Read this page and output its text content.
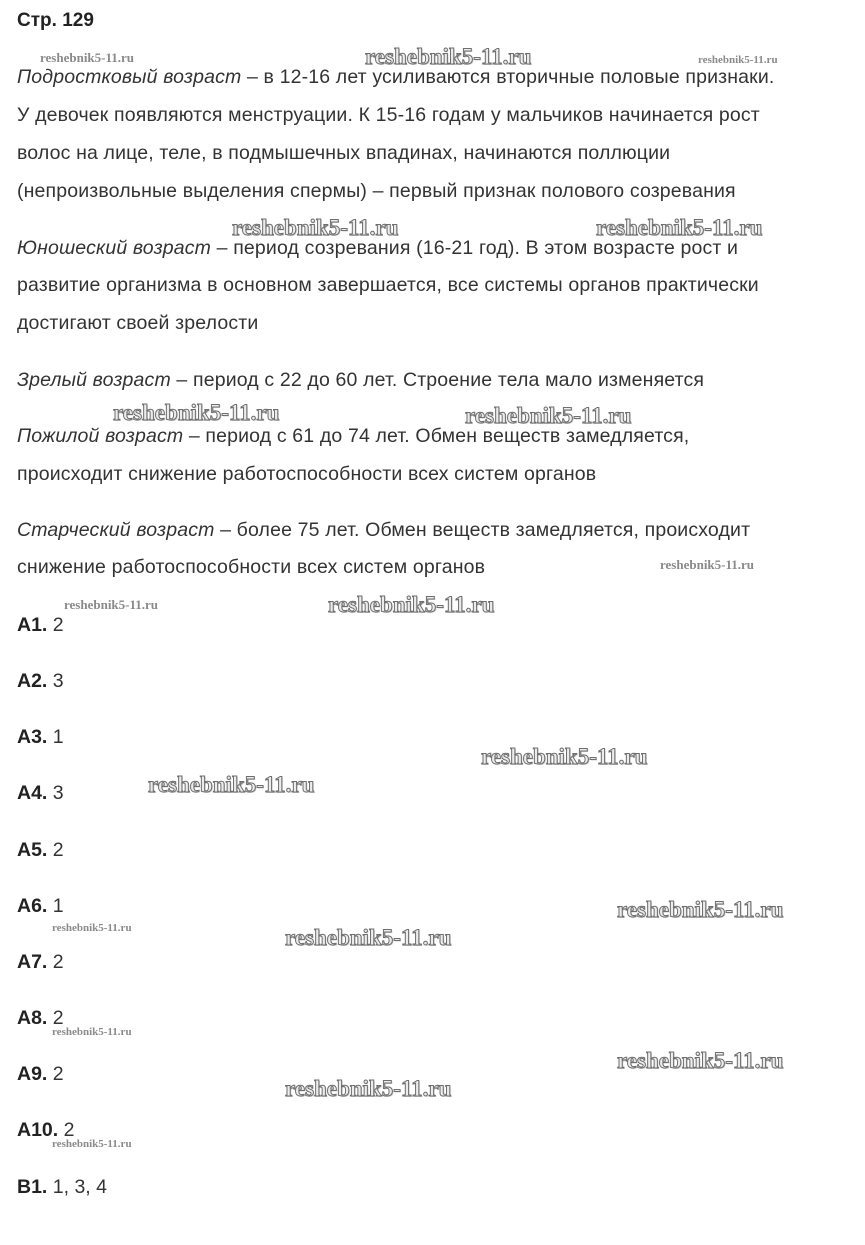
Стр. 129
Подростковый возраст – в 12-16 лет усиливаются вторичные половые признаки.
У девочек появляются менструации. К 15-16 годам у мальчиков начинается рост
волос на лице, теле, в подмышечных впадинах, начинаются поллюции
(непроизвольные выделения спермы) – первый признак полового созревания
Юношеский возраст – период созревания (16-21 год). В этом возрасте рост и
развитие организма в основном завершается, все системы органов практически
достигают своей зрелости
Зрелый возраст – период с 22 до 60 лет. Строение тела мало изменяется
Пожилой возраст – период с 61 до 74 лет. Обмен веществ замедляется,
происходит снижение работоспособности всех систем органов
Старческий возраст – более 75 лет. Обмен веществ замедляется, происходит
снижение работоспособности всех систем органов
А1. 2
А2. 3
А3. 1
А4. 3
А5. 2
А6. 1
А7. 2
А8. 2
А9. 2
А10. 2
В1. 1, 3, 4
reshebnik5-11.ru	reshebnik5-11.ru	reshebnik5-11.ru
reshebnik5-11.ru	reshebnik5-11.ru
reshebnik5-11.ru	reshebnik5-11.ru
reshebnik5-11.ru
reshebnik5-11.ru	reshebnik5-11.ru
reshebnik5-11.ru
reshebnik5-11.ru
reshebnik5-11.ru
reshebnik5-11.ru	reshebnik5-11.ru
reshebnik5-11.ru
reshebnik5-11.ru
reshebnik5-11.ru
reshebnik5-11.ru
